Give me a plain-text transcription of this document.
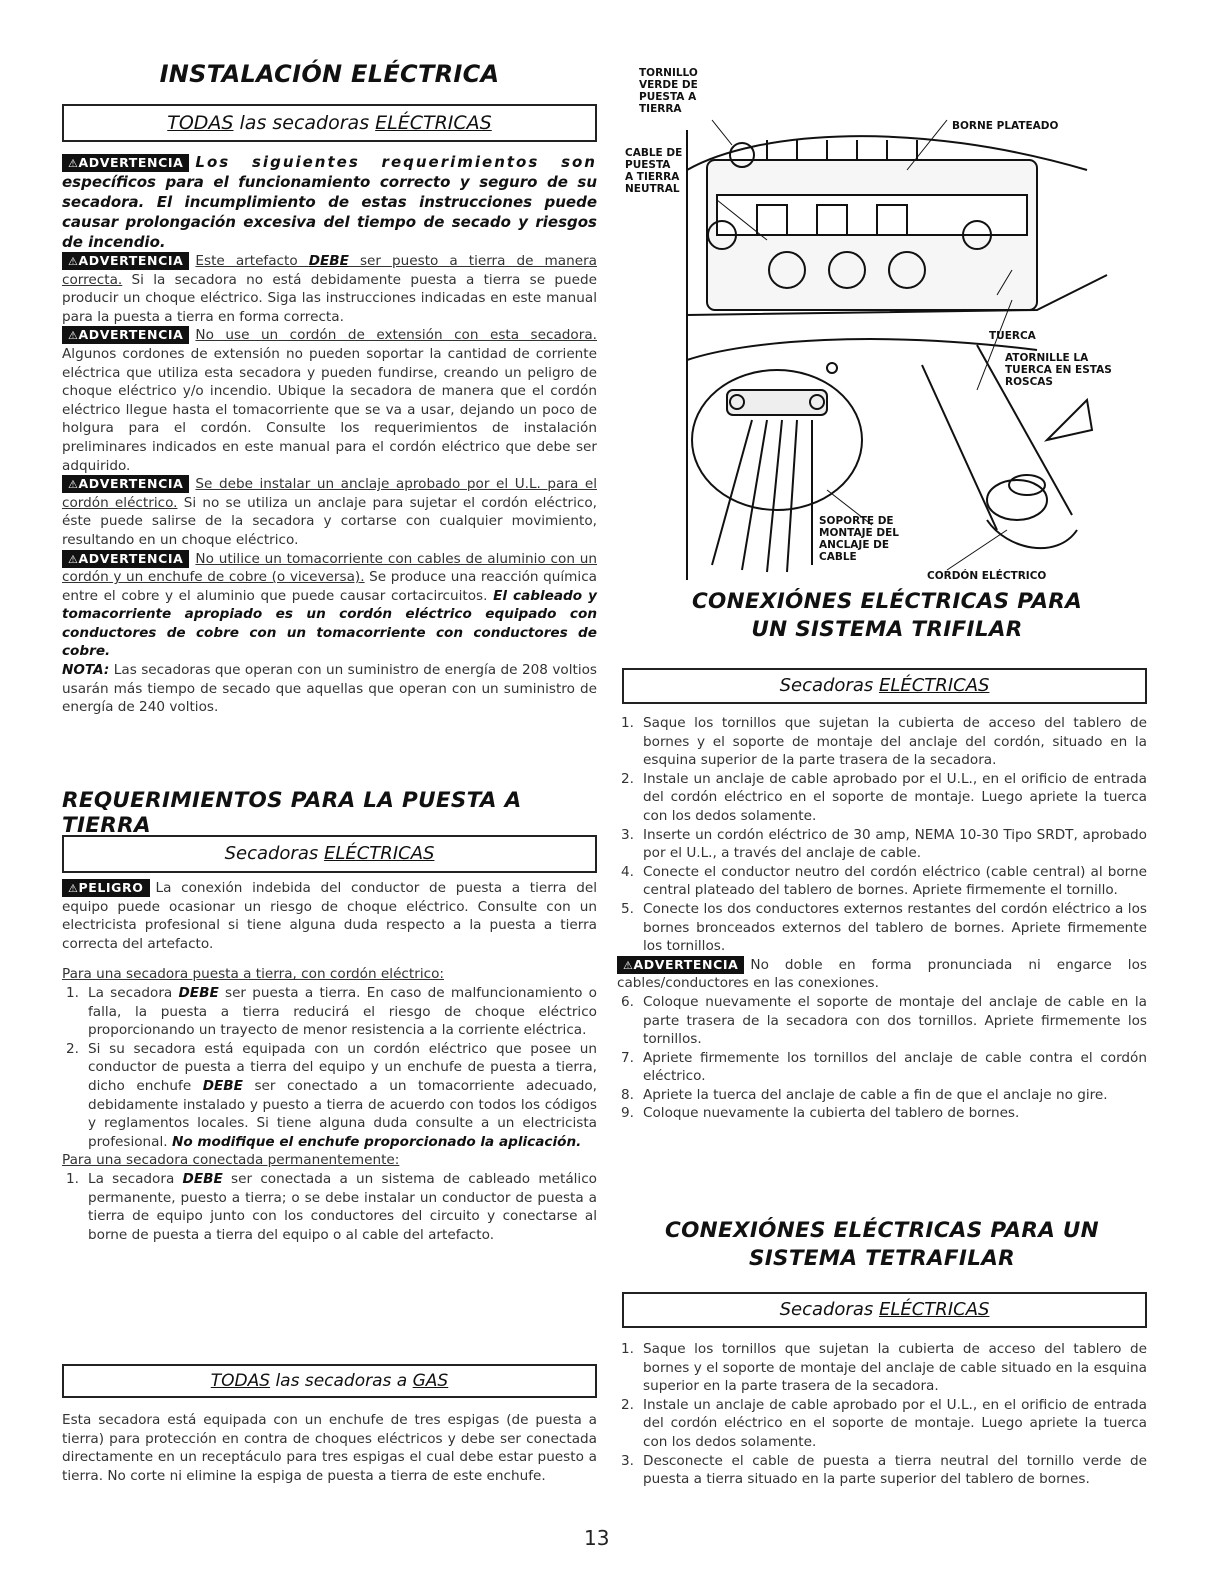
INSTALACIÓN ELÉCTRICA
TODAS las secadoras ELÉCTRICAS

⚠ADVERTENCIA Los siguientes requerimientos son específicos para el funcionamiento correcto y seguro de su secadora. El incumplimiento de estas instrucciones puede causar prolongación excesiva del tiempo de secado y riesgos de incendio.

⚠ADVERTENCIA Este artefacto DEBE ser puesto a tierra de manera correcta. Si la secadora no está debidamente puesta a tierra se puede producir un choque eléctrico. Siga las instrucciones indicadas en este manual para la puesta a tierra en forma correcta.

⚠ADVERTENCIA No use un cordón de extensión con esta secadora. Algunos cordones de extensión no pueden soportar la cantidad de corriente eléctrica que utiliza esta secadora y pueden fundirse, creando un peligro de choque eléctrico y/o incendio. Ubique la secadora de manera que el cordón eléctrico llegue hasta el tomacorriente que se va a usar, dejando un poco de holgura para el cordón. Consulte los requerimientos de instalación preliminares indicados en este manual para el cordón eléctrico que debe ser adquirido.

⚠ADVERTENCIA Se debe instalar un anclaje aprobado por el U.L. para el cordón eléctrico. Si no se utiliza un anclaje para sujetar el cordón eléctrico, éste puede salirse de la secadora y cortarse con cualquier movimiento, resultando en un choque eléctrico.

⚠ADVERTENCIA No utilice un tomacorriente con cables de aluminio con un cordón y un enchufe de cobre (o viceversa). Se produce una reacción química entre el cobre y el aluminio que puede causar cortacircuitos. El cableado y tomacorriente apropiado es un cordón eléctrico equipado con conductores de cobre con un tomacorriente con conductores de cobre.

NOTA: Las secadoras que operan con un suministro de energía de 208 voltios usarán más tiempo de secado que aquellas que operan con un suministro de energía de 240 voltios.

REQUERIMIENTOS PARA LA PUESTA A TIERRA
Secadoras ELÉCTRICAS

⚠PELIGRO La conexión indebida del conductor de puesta a tierra del equipo puede ocasionar un riesgo de choque eléctrico. Consulte con un electricista profesional si tiene alguna duda respecto a la puesta a tierra correcta del artefacto.

Para una secadora puesta a tierra, con cordón eléctrico:

1. La secadora DEBE ser puesta a tierra. En caso de malfuncionamiento o falla, la puesta a tierra reducirá el riesgo de choque eléctrico proporcionando un trayecto de menor resistencia a la corriente eléctrica.
2. Si su secadora está equipada con un cordón eléctrico que posee un conductor de puesta a tierra del equipo y un enchufe de puesta a tierra, dicho enchufe DEBE ser conectado a un tomacorriente adecuado, debidamente instalado y puesto a tierra de acuerdo con todos los códigos y reglamentos locales. Si tiene alguna duda consulte a un electricista profesional. No modifique el enchufe proporcionado la aplicación.

Para una secadora conectada permanentemente:

1. La secadora DEBE ser conectada a un sistema de cableado metálico permanente, puesto a tierra; o se debe instalar un conductor de puesta a tierra de equipo junto con los conductores del circuito y conectarse al borne de puesta a tierra del equipo o al cable del artefacto.
TODAS las secadoras a GAS

Esta secadora está equipada con un enchufe de tres espigas (de puesta a tierra) para protección en contra de choques eléctricos y debe ser conectada directamente en un receptáculo para tres espigas el cual debe estar puesto a tierra. No corte ni elimine la espiga de puesta a tierra de este enchufe.

TORNILLO
VERDE DE
PUESTA A
TIERRA
BORNE PLATEADO
CABLE DE
PUESTA
A TIERRA
NEUTRAL
TUERCA
ATORNILLE LA
TUERCA EN ESTAS
ROSCAS
SOPORTE DE
MONTAJE DEL
ANCLAJE DE
CABLE
CORDÓN ELÉCTRICO
CONEXIÓNES ELÉCTRICAS PARA UN SISTEMA TRIFILAR
Secadoras ELÉCTRICAS
1. Saque los tornillos que sujetan la cubierta de acceso del tablero de bornes y el soporte de montaje del anclaje del cordón, situado en la esquina superior de la parte trasera de la secadora.
2. Instale un anclaje de cable aprobado por el U.L., en el orificio de entrada del cordón eléctrico en el soporte de montaje. Luego apriete la tuerca con los dedos solamente.
3. Inserte un cordón eléctrico de 30 amp, NEMA 10-30 Tipo SRDT, aprobado por el U.L., a través del anclaje de cable.
4. Conecte el conductor neutro del cordón eléctrico (cable central) al borne central plateado del tablero de bornes. Apriete firmemente el tornillo.
5. Conecte los dos conductores externos restantes del cordón eléctrico a los bornes bronceados externos del tablero de bornes. Apriete firmemente los tornillos.

⚠ADVERTENCIA No doble en forma pronunciada ni engarce los cables/conductores en las conexiones.

6. Coloque nuevamente el soporte de montaje del anclaje de cable en la parte trasera de la secadora con dos tornillos. Apriete firmemente los tornillos.
7. Apriete firmemente los tornillos del anclaje de cable contra el cordón eléctrico.
8. Apriete la tuerca del anclaje de cable a fin de que el anclaje no gire.
9. Coloque nuevamente la cubierta del tablero de bornes.
CONEXIÓNES ELÉCTRICAS PARA UN SISTEMA TETRAFILAR
Secadoras ELÉCTRICAS
1. Saque los tornillos que sujetan la cubierta de acceso del tablero de bornes y el soporte de montaje del anclaje de cable situado en la esquina superior en la parte trasera de la secadora.
2. Instale un anclaje de cable aprobado por el U.L., en el orificio de entrada del cordón eléctrico en el soporte de montaje. Luego apriete la tuerca con los dedos solamente.
3. Desconecte el cable de puesta a tierra neutral del tornillo verde de puesta a tierra situado en la parte superior del tablero de bornes.
13
